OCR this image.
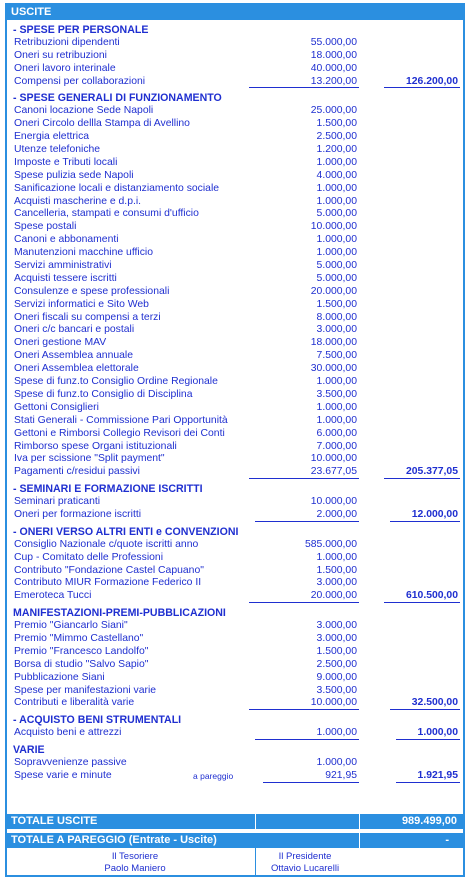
USCITE
- SPESE PER PERSONALE
Retribuzioni dipendenti	55.000,00
Oneri su retribuzioni	18.000,00
Oneri lavoro interinale	40.000,00
Compensi per collaborazioni	13.200,00	126.200,00
- SPESE GENERALI DI FUNZIONAMENTO
Canoni locazione Sede Napoli	25.000,00
Oneri Circolo dellla Stampa di Avellino	1.500,00
Energia elettrica	2.500,00
Utenze telefoniche	1.200,00
Imposte e Tributi locali	1.000,00
Spese pulizia sede Napoli	4.000,00
Sanificazione locali e distanziamento sociale	1.000,00
Acquisti mascherine e d.p.i.	1.000,00
Cancelleria, stampati e consumi d'ufficio	5.000,00
Spese postali	10.000,00
Canoni e abbonamenti	1.000,00
Manutenzioni macchine ufficio	1.000,00
Servizi amministrativi	5.000,00
Acquisti tessere iscritti	5.000,00
Consulenze e spese professionali	20.000,00
Servizi informatici e Sito Web	1.500,00
Oneri fiscali su compensi a terzi	8.000,00
Oneri c/c bancari e postali	3.000,00
Oneri gestione MAV	18.000,00
Oneri Assemblea annuale	7.500,00
Oneri Assemblea elettorale	30.000,00
Spese di funz.to Consiglio Ordine Regionale	1.000,00
Spese di funz.to Consiglio di Disciplina	3.500,00
Gettoni Consiglieri	1.000,00
Stati Generali - Commissione Pari Opportunità	1.000,00
Gettoni e Rimborsi Collegio Revisori dei Conti	6.000,00
Rimborso spese Organi istituzionali	7.000,00
Iva per scissione "Split payment"	10.000,00
Pagamenti c/residui passivi	23.677,05	205.377,05
- SEMINARI E FORMAZIONE ISCRITTI
Seminari praticanti	10.000,00
Oneri per formazione iscritti	2.000,00	12.000,00
- ONERI VERSO ALTRI ENTI e CONVENZIONI
Consiglio Nazionale c/quote iscritti anno	585.000,00
Cup - Comitato delle Professioni	1.000,00
Contributo "Fondazione Castel Capuano"	1.500,00
Contributo MIUR Formazione Federico II	3.000,00
Emeroteca Tucci	20.000,00	610.500,00
MANIFESTAZIONI-PREMI-PUBBLICAZIONI
Premio "Giancarlo Siani"	3.000,00
Premio "Mimmo Castellano"	3.000,00
Premio "Francesco Landolfo"	1.500,00
Borsa di studio "Salvo Sapio"	2.500,00
Pubblicazione Siani	9.000,00
Spese per manifestazioni varie	3.500,00
Contributi e liberalità varie	10.000,00	32.500,00
- ACQUISTO BENI STRUMENTALI
Acquisto beni e attrezzi	1.000,00	1.000,00
VARIE
Sopravvenienze passive	1.000,00
Spese varie e minute	a pareggio	921,95	1.921,95
TOTALE USCITE	989.499,00
TOTALE A PAREGGIO (Entrate - Uscite)	-
Il Tesoriere
Paolo Maniero
Il Presidente
Ottavio Lucarelli
